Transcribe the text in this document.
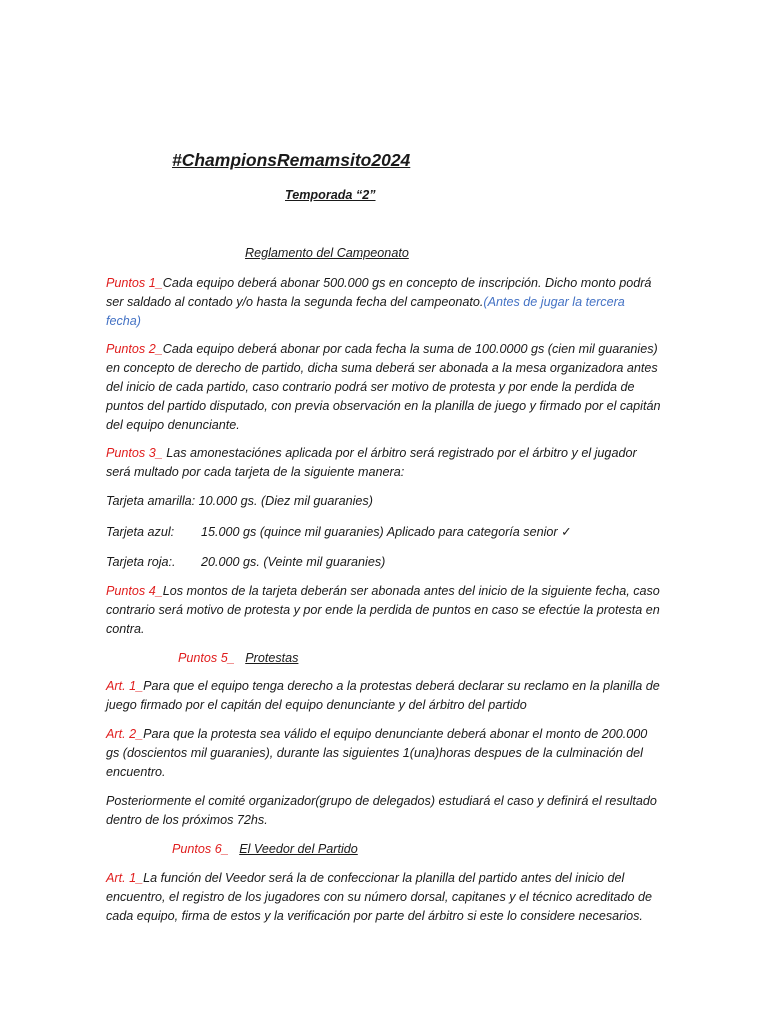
#ChampionsRemamsito2024

Temporada “2”

Reglamento del Campeonato

Puntos 1_Cada equipo deberá abonar 500.000 gs en concepto de inscripción. Dicho monto podrá ser saldado al contado y/o hasta la segunda fecha del campeonato.(Antes de jugar la tercera fecha)

Puntos 2_Cada equipo deberá abonar por cada fecha la suma de 100.0000 gs (cien mil guaranies) en concepto de derecho de partido, dicha suma deberá ser abonada a la mesa organizadora antes del inicio de cada partido, caso contrario podrá ser motivo de protesta y por ende la perdida de puntos del partido disputado, con previa observación en la planilla de juego y firmado por el capitán del equipo denunciante.

Puntos 3_ Las amonestaciónes aplicada por el árbitro será registrado por el árbitro y el jugador será multado por cada tarjeta de la siguiente manera:

Tarjeta amarilla: 10.000 gs. (Diez mil guaranies)

Tarjeta azul: 15.000 gs (quince mil guaranies) Aplicado para categoría senior ✓

Tarjeta roja:. 20.000 gs. (Veinte mil guaranies)

Puntos 4_Los montos de la tarjeta deberán ser abonada antes del inicio de la siguiente fecha, caso contrario será motivo de protesta y por ende la perdida de puntos en caso se efectúe la protesta en contra.

Puntos 5_ Protestas

Art. 1_Para que el equipo tenga derecho a la protestas deberá declarar su reclamo en la planilla de juego firmado por el capitán del equipo denunciante y del árbitro del partido

Art. 2_Para que la protesta sea válido el equipo denunciante deberá abonar el monto de 200.000 gs (doscientos mil guaranies), durante las siguientes 1(una)horas despues de la culminación del encuentro.

Posteriormente el comité organizador(grupo de delegados) estudiará el caso y definirá el resultado dentro de los próximos 72hs.

Puntos 6_ El Veedor del Partido

Art. 1_La función del Veedor será la de confeccionar la planilla del partido antes del inicio del encuentro, el registro de los jugadores con su número dorsal, capitanes y el técnico acreditado de cada equipo, firma de estos y la verificación por parte del árbitro si este lo considere necesarios.
